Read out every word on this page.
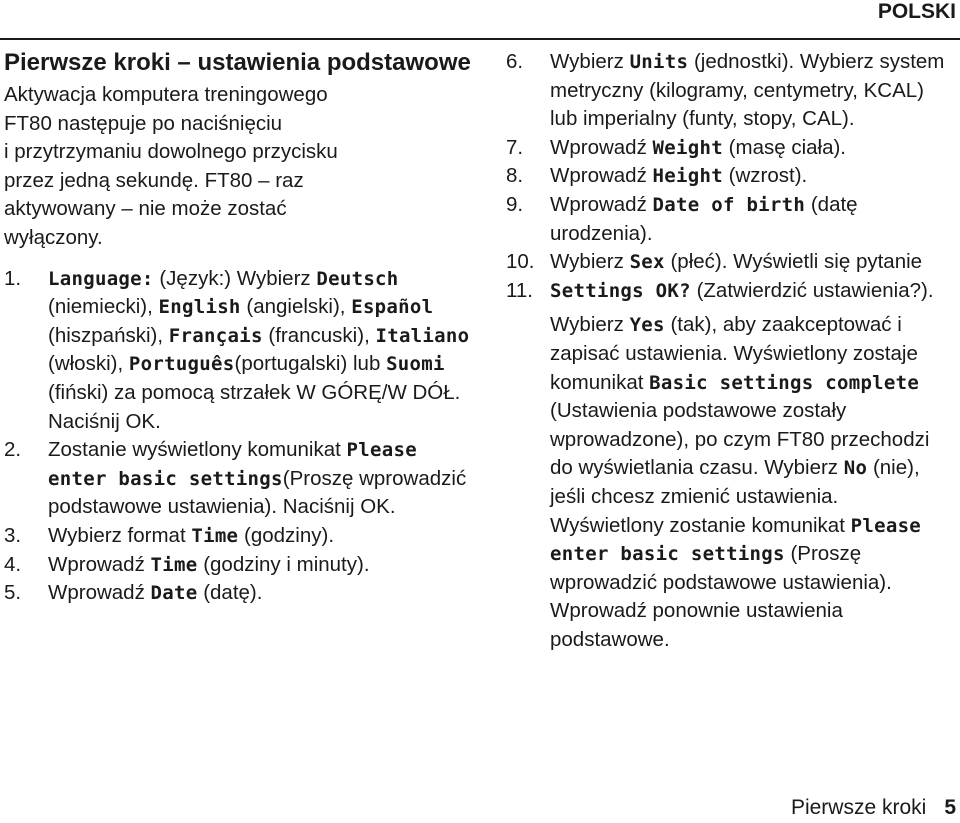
POLSKI
Pierwsze kroki – ustawienia podstawowe

Aktywacja komputera treningowego
FT80 następuje po naciśnięciu
i przytrzymaniu dowolnego przycisku
przez jedną sekundę. FT80 – raz
aktywowany – nie może zostać
wyłączony.

1. Language: (Język:) Wybierz Deutsch (niemiecki), English (angielski), Español (hiszpański), Français (francuski), Italiano (włoski), Português(portugalski) lub Suomi (fiński) za pomocą strzałek W GÓRĘ/W DÓŁ. Naciśnij OK.
2. Zostanie wyświetlony komunikat Please enter basic settings(Proszę wprowadzić podstawowe ustawienia). Naciśnij OK.
3. Wybierz format Time (godziny).
4. Wprowadź Time (godziny i minuty).
5. Wprowadź Date (datę).
6. Wybierz Units (jednostki). Wybierz system metryczny (kilogramy, centymetry, KCAL) lub imperialny (funty, stopy, CAL).
7. Wprowadź Weight (masę ciała).
8. Wprowadź Height (wzrost).
9. Wprowadź Date of birth (datę urodzenia).
10. Wybierz Sex (płeć). Wyświetli się pytanie
11. Settings OK? (Zatwierdzić ustawienia?).
Wybierz Yes (tak), aby zaakceptować i zapisać ustawienia. Wyświetlony zostaje komunikat Basic settings complete (Ustawienia podstawowe zostały wprowadzone), po czym FT80 przechodzi do wyświetlania czasu. Wybierz No (nie), jeśli chcesz zmienić ustawienia. Wyświetlony zostanie komunikat Please enter basic settings (Proszę wprowadzić podstawowe ustawienia). Wprowadź ponownie ustawienia podstawowe.
Pierwsze kroki 5
